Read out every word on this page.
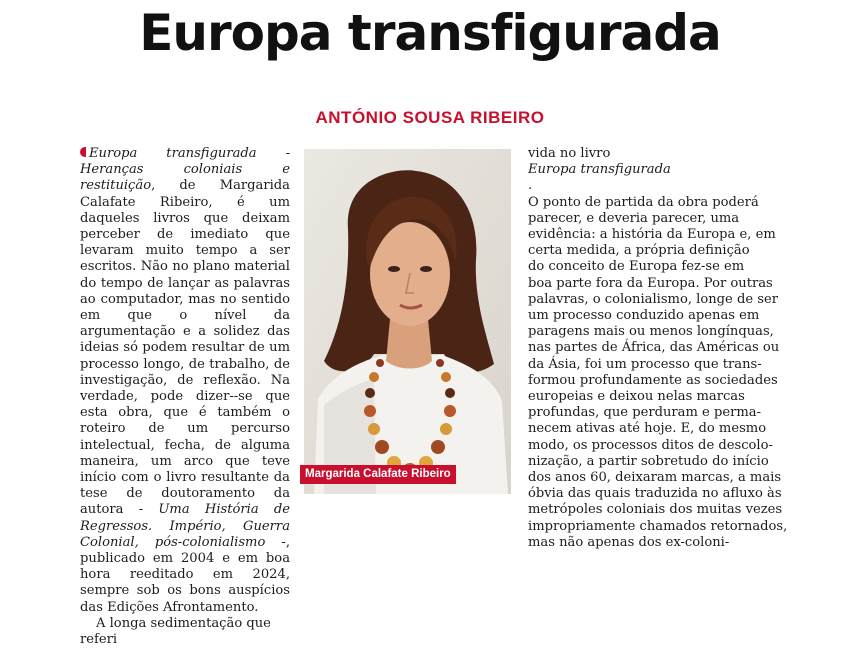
Europa transfigurada
ANTÓNIO SOUSA RIBEIRO

Europa transfigurada - Heranças coloniais e restituição, de Margarida Calafate Ribeiro, é um daqueles livros que deixam perceber de imediato que levaram muito tempo a ser escritos. Não no plano material do tempo de lançar as palavras ao computador, mas no sentido em que o nível da argumentação e a solidez das ideias só podem resultar de um processo longo, de trabalho, de investigação, de reflexão. Na verdade, pode dizer--se que esta obra, que é também o roteiro de um percurso intelectual, fecha, de alguma maneira, um arco que teve início com o livro resultante da tese de doutoramento da autora - Uma História de Regressos. Império, Guerra Colonial, pós-colonialismo -, publicado em 2004 e em boa hora reeditado em 2024, sempre sob os bons auspícios das Edições Afrontamento.

A longa sedimentação que referi

Margarida Calafate Ribeiro
vida no livro
Europa transfigurada
.
O ponto de partida da obra poderá
parecer, e deveria parecer, uma
evidência: a história da Europa e, em
certa medida, a própria definição
do conceito de Europa fez-se em
boa parte fora da Europa. Por outras
palavras, o colonialismo, longe de ser
um processo conduzido apenas em
paragens mais ou menos longínquas,
nas partes de África, das Américas ou
da Ásia, foi um processo que trans-
formou profundamente as sociedades
europeias e deixou nelas marcas
profundas, que perduram e perma-
necem ativas até hoje. E, do mesmo
modo, os processos ditos de descolo-
nização, a partir sobretudo do início
dos anos 60, deixaram marcas, a mais
óbvia das quais traduzida no afluxo às
metrópoles coloniais dos muitas vezes
impropriamente chamados retornados,
mas não apenas dos ex-coloni-
